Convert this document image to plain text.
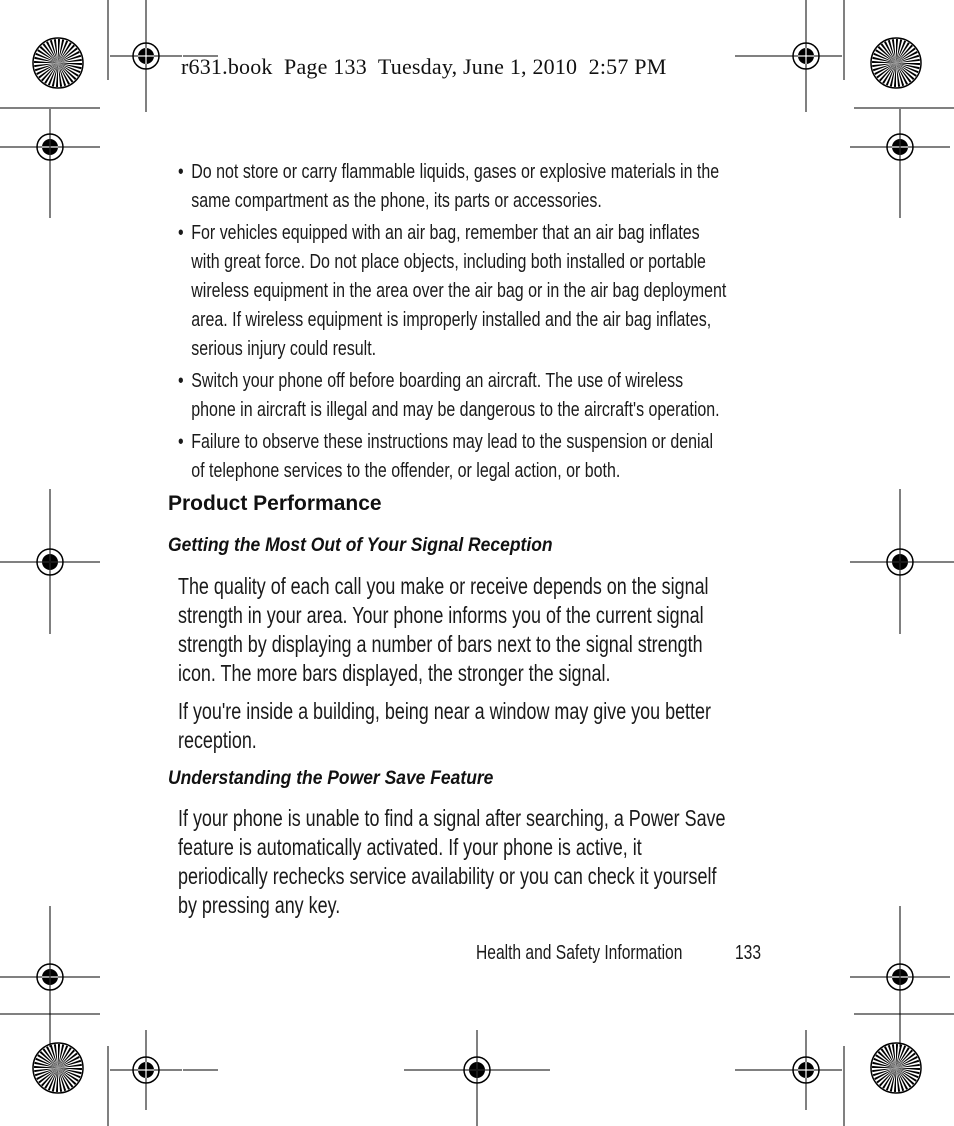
r631.book  Page 133  Tuesday, June 1, 2010  2:57 PM
• Do not store or carry flammable liquids, gases or explosive materials in the
same compartment as the phone, its parts or accessories.
• For vehicles equipped with an air bag, remember that an air bag inflates
with great force. Do not place objects, including both installed or portable
wireless equipment in the area over the air bag or in the air bag deployment
area. If wireless equipment is improperly installed and the air bag inflates,
serious injury could result.
• Switch your phone off before boarding an aircraft. The use of wireless
phone in aircraft is illegal and may be dangerous to the aircraft's operation.
• Failure to observe these instructions may lead to the suspension or denial
of telephone services to the offender, or legal action, or both.
Product Performance
Getting the Most Out of Your Signal Reception
The quality of each call you make or receive depends on the signal
strength in your area. Your phone informs you of the current signal
strength by displaying a number of bars next to the signal strength
icon. The more bars displayed, the stronger the signal.
If you're inside a building, being near a window may give you better
reception.
Understanding the Power Save Feature
If your phone is unable to find a signal after searching, a Power Save
feature is automatically activated. If your phone is active, it
periodically rechecks service availability or you can check it yourself
by pressing any key.
Health and Safety Information	133
